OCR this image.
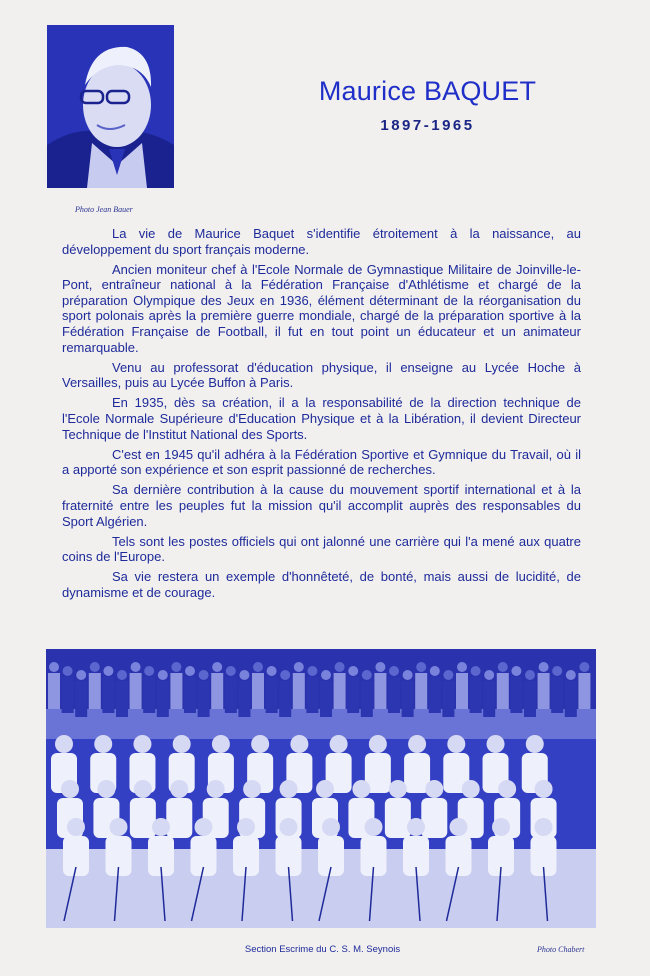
Photo Jean Bauer
Maurice BAQUET
1897-1965

La vie de Maurice Baquet s'identifie étroitement à la naissance, au développement du sport français moderne.

Ancien moniteur chef à l'Ecole Normale de Gymnastique Militaire de Joinville-le-Pont, entraîneur national à la Fédération Française d'Athlétisme et chargé de la préparation Olympique des Jeux en 1936, élément déterminant de la réorganisation du sport polonais après la première guerre mondiale, chargé de la préparation sportive à la Fédération Française de Football, il fut en tout point un éducateur et un animateur remarquable.

Venu au professorat d'éducation physique, il enseigne au Lycée Hoche à Versailles, puis au Lycée Buffon à Paris.

En 1935, dès sa création, il a la responsabilité de la direction technique de l'Ecole Normale Supérieure d'Education Physique et à la Libération, il devient Directeur Technique de l'Institut National des Sports.

C'est en 1945 qu'il adhéra à la Fédération Sportive et Gymnique du Travail, où il a apporté son expérience et son esprit passionné de recherches.

Sa dernière contribution à la cause du mouvement sportif international et à la fraternité entre les peuples fut la mission qu'il accomplit auprès des responsables du Sport Algérien.

Tels sont les postes officiels qui ont jalonné une carrière qui l'a mené aux quatre coins de l'Europe.

Sa vie restera un exemple d'honnêteté, de bonté, mais aussi de lucidité, de dynamisme et de courage.

Section Escrime du C. S. M. Seynois	Photo Chabert
